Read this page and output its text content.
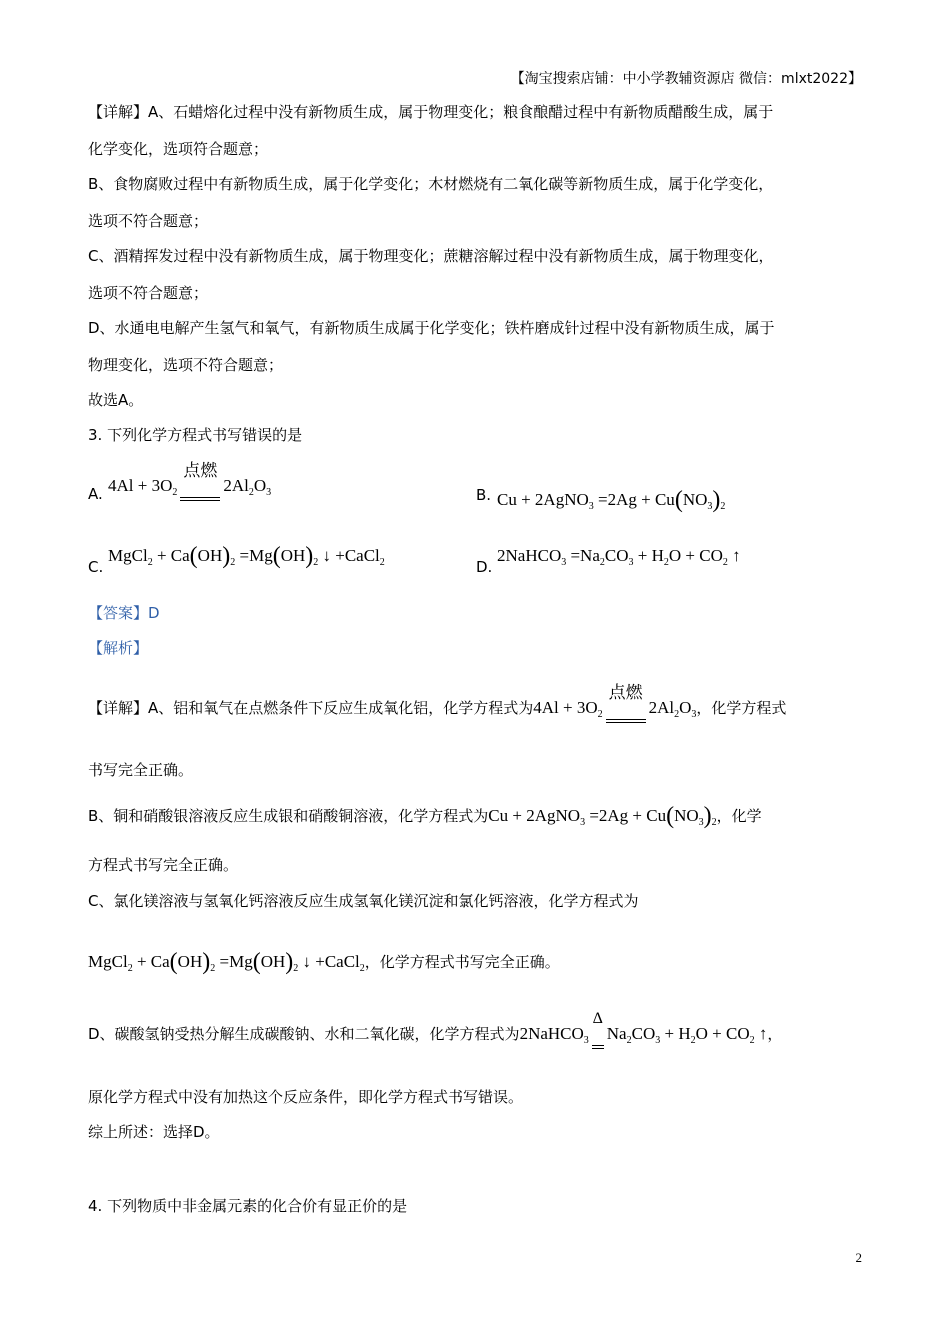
【淘宝搜索店铺：中小学教辅资源店 微信：mlxt2022】
【详解】A、石蜡熔化过程中没有新物质生成，属于物理变化；粮食酿醋过程中有新物质醋酸生成，属于
化学变化，选项符合题意；
B、食物腐败过程中有新物质生成，属于化学变化；木材燃烧有二氧化碳等新物质生成，属于化学变化，
选项不符合题意；
C、酒精挥发过程中没有新物质生成，属于物理变化；蔗糖溶解过程中没有新物质生成，属于物理变化，
选项不符合题意；
D、水通电电解产生氢气和氧气，有新物质生成属于化学变化；铁杵磨成针过程中没有新物质生成，属于
物理变化，选项不符合题意；
故选A。
3. 下列化学方程式书写错误的是
A. $4Al + 3O_2$
点燃
$2Al_2O_3$	B. Cu + 2AgNO$_3$ $=2Ag + Cu(NO_3)_2$
C.
MgCl$_2$ + $Ca(OH)_2 =Mg(OH)_2$ ↓ +CaCl$_2$	D.
2NaHCO$_3$ $=Na_2CO_3 + H_2O + CO_2$ ↑
【答案】D
【解析】
【详解】A、铝和氧气在点燃条件下反应生成氧化铝，化学方程式为$4Al + 3O_2$
点燃
$2Al_2O_3$，化学方程式
书写完全正确。
B、铜和硝酸银溶液反应生成银和硝酸铜溶液，化学方程式为Cu + 2AgNO$_3$ $=2Ag + Cu(NO_3)_2$，化学
方程式书写完全正确。
C、氯化镁溶液与氢氧化钙溶液反应生成氢氧化镁沉淀和氯化钙溶液，化学方程式为
MgCl$_2$ + $Ca(OH)_2 =Mg(OH)_2$ ↓ +CaCl$_2$，化学方程式书写完全正确。
D、碳酸氢钠受热分解生成碳酸钠、水和二氧化碳，化学方程式为2NaHCO$_3$
Δ
$Na_2CO_3 + H_2O + CO_2$ ↑，
原化学方程式中没有加热这个反应条件，即化学方程式书写错误。
综上所述：选择D。
4. 下列物质中非金属元素的化合价有显正价的是
2
